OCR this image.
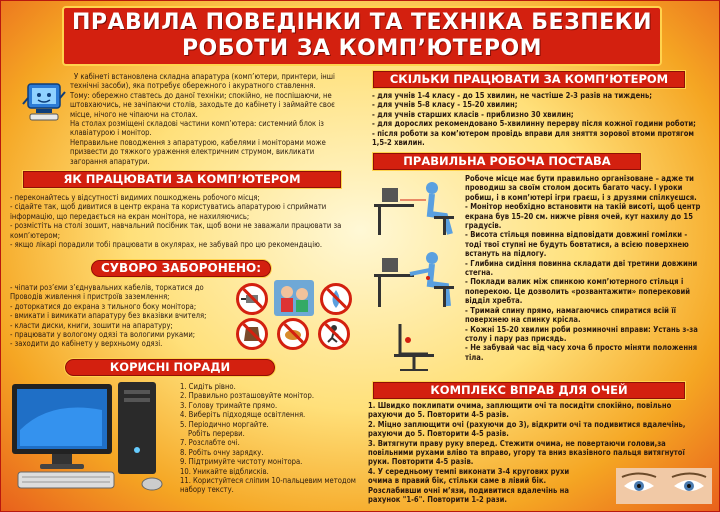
ПРАВИЛА ПОВЕДІНКИ ТА ТЕХНІКА БЕЗПЕКИ
РОБОТИ ЗА КОМП’ЮТЕРОМ

У кабінеті встановлена складна апаратура (комп’ютери, принтери, інші технічні засоби), яка потребує обережного і акуратного ставлення.

Тому: обережно ставтесь до даної техніки; спокійно, не поспішаючи, не штовхаючись, не зачіпаючи столів, заходьте до кабінету і займайте своє місце, нічого не чіпаючи на столах.

На столах розміщені складові частини комп’ютера: системний блок із клавіатурою і монітор.

Неправильне поводження з апаратурою, кабелями і моніторами може призвести до тяжкого ураження електричним струмом, викликати загорання апаратури.

ЯК ПРАЦЮВАТИ ЗА КОМП’ЮТЕРОМ

- переконайтесь у відсутності видимих пошкоджень робочого місця;

- сідайте так, щоб дивитися в центр екрана та користуватись апаратурою і сприймати інформацію, що передається на екран монітора, не нахиляючись;

- розмістіть на столі зошит, навчальний посібник так, щоб вони не заважали працювати за комп’ютером;

- якщо лікарі порадили тобі працювати в окулярах, не забувай про цю рекомендацію.

СУВОРО ЗАБОРОНЕНО:

- чіпати роз’єми з’єднувальних кабелів, торкатися до Проводів живлення і пристроїв заземлення;

- доторкатися до екрана з тильного боку монітора;

- вмикати і вимикати апаратуру без вказівки вчителя;

- класти диски, книги, зошити на апаратуру;

- працювати у вологому одязі та вологими руками;

- заходити до кабінету у верхньому одязі.

КОРИСНІ ПОРАДИ

1. Сидіть рівно.

2. Правильно розташовуйте монітор.

3. Голову тримайте прямо.

4. Виберіть підходяще освітлення.

5. Періодично моргайте.

Робіть перерви.

7. Розслабте очі.

8. Робіть очну зарядку.

9. Підтримуйте чистоту монітора.

10. Уникайте відблисків.

11. Користуйтеся сліпим 10-пальцевим методом набору тексту.

СКІЛЬКИ ПРАЦЮВАТИ ЗА КОМП’ЮТЕРОМ

- для учнів 1-4 класу - до 15 хвилин, не частіше 2-3 разів на тиждень;

- для учнів 5-8 класу - 15-20 хвилин;

- для учнів старших класів - приблизно 30 хвилин;

- для дорослих рекомендовано 5-хвилинну перерву після кожної години роботи;

- після роботи за ком’ютером провідь вправи для зняття зорової втоми протягом 1,5-2 хвилин.

ПРАВИЛЬНА РОБОЧА ПОСТАВА

Робоче місце має бути правильно організоване – адже ти проводиш за своїм столом досить багато часу. І уроки робиш, і в комп’ютері ігри граєш, і з друзями спілкуєшся.

- Монітор необхідно встановити на такій висоті, щоб центр екрана був 15-20 см. нижче рівня очей, кут нахилу до 15 градусів.

- Висота стільця повинна відповідати довжині гомілки - тоді твої ступні не будуть бовтатися, а всією поверхнею встануть на підлогу.

- Глибина сидіння повинна складати дві третини довжини стегна.

- Поклади валик між спинкою комп’ютерного стільця і поперекою. Це дозволить «розвантажити» поперековий відділ хребта.

- Тримай спину прямо, намагаючись спиратися всій її поверхнею на спинку крісла.

- Кожні 15-20 хвилин роби розминочні вправи: Устань з-за столу і пару раз присядь.

- Не забувай час від часу хоча б просто міняти положення тіла.

КОМПЛЕКС ВПРАВ ДЛЯ ОЧЕЙ

1. Швидко поклипати очима, заплющити очі та посидіти спокійно, повільно рахуючи до 5. Повторити 4-5 разів.

2. Міцно заплющити очі (рахуючи до 3), відкрити очі та подивитися вдалечінь, рахуючи до 5. Повторити 4-5 разів.

3. Витягнути праву руку вперед. Стежити очима, не повертаючи голови,за повільними рухами вліво та вправо, угору та вниз вказівного пальця витягнутої руки. Повторити 4-5 разів.

4. У середньому темпі виконати 3-4 кругових рухи очима в правий бік, стільки саме в лівий бік. Розслабивши очні м’язи, подивитися вдалечінь на рахунок "1-6". Повторити 1-2 рази.
